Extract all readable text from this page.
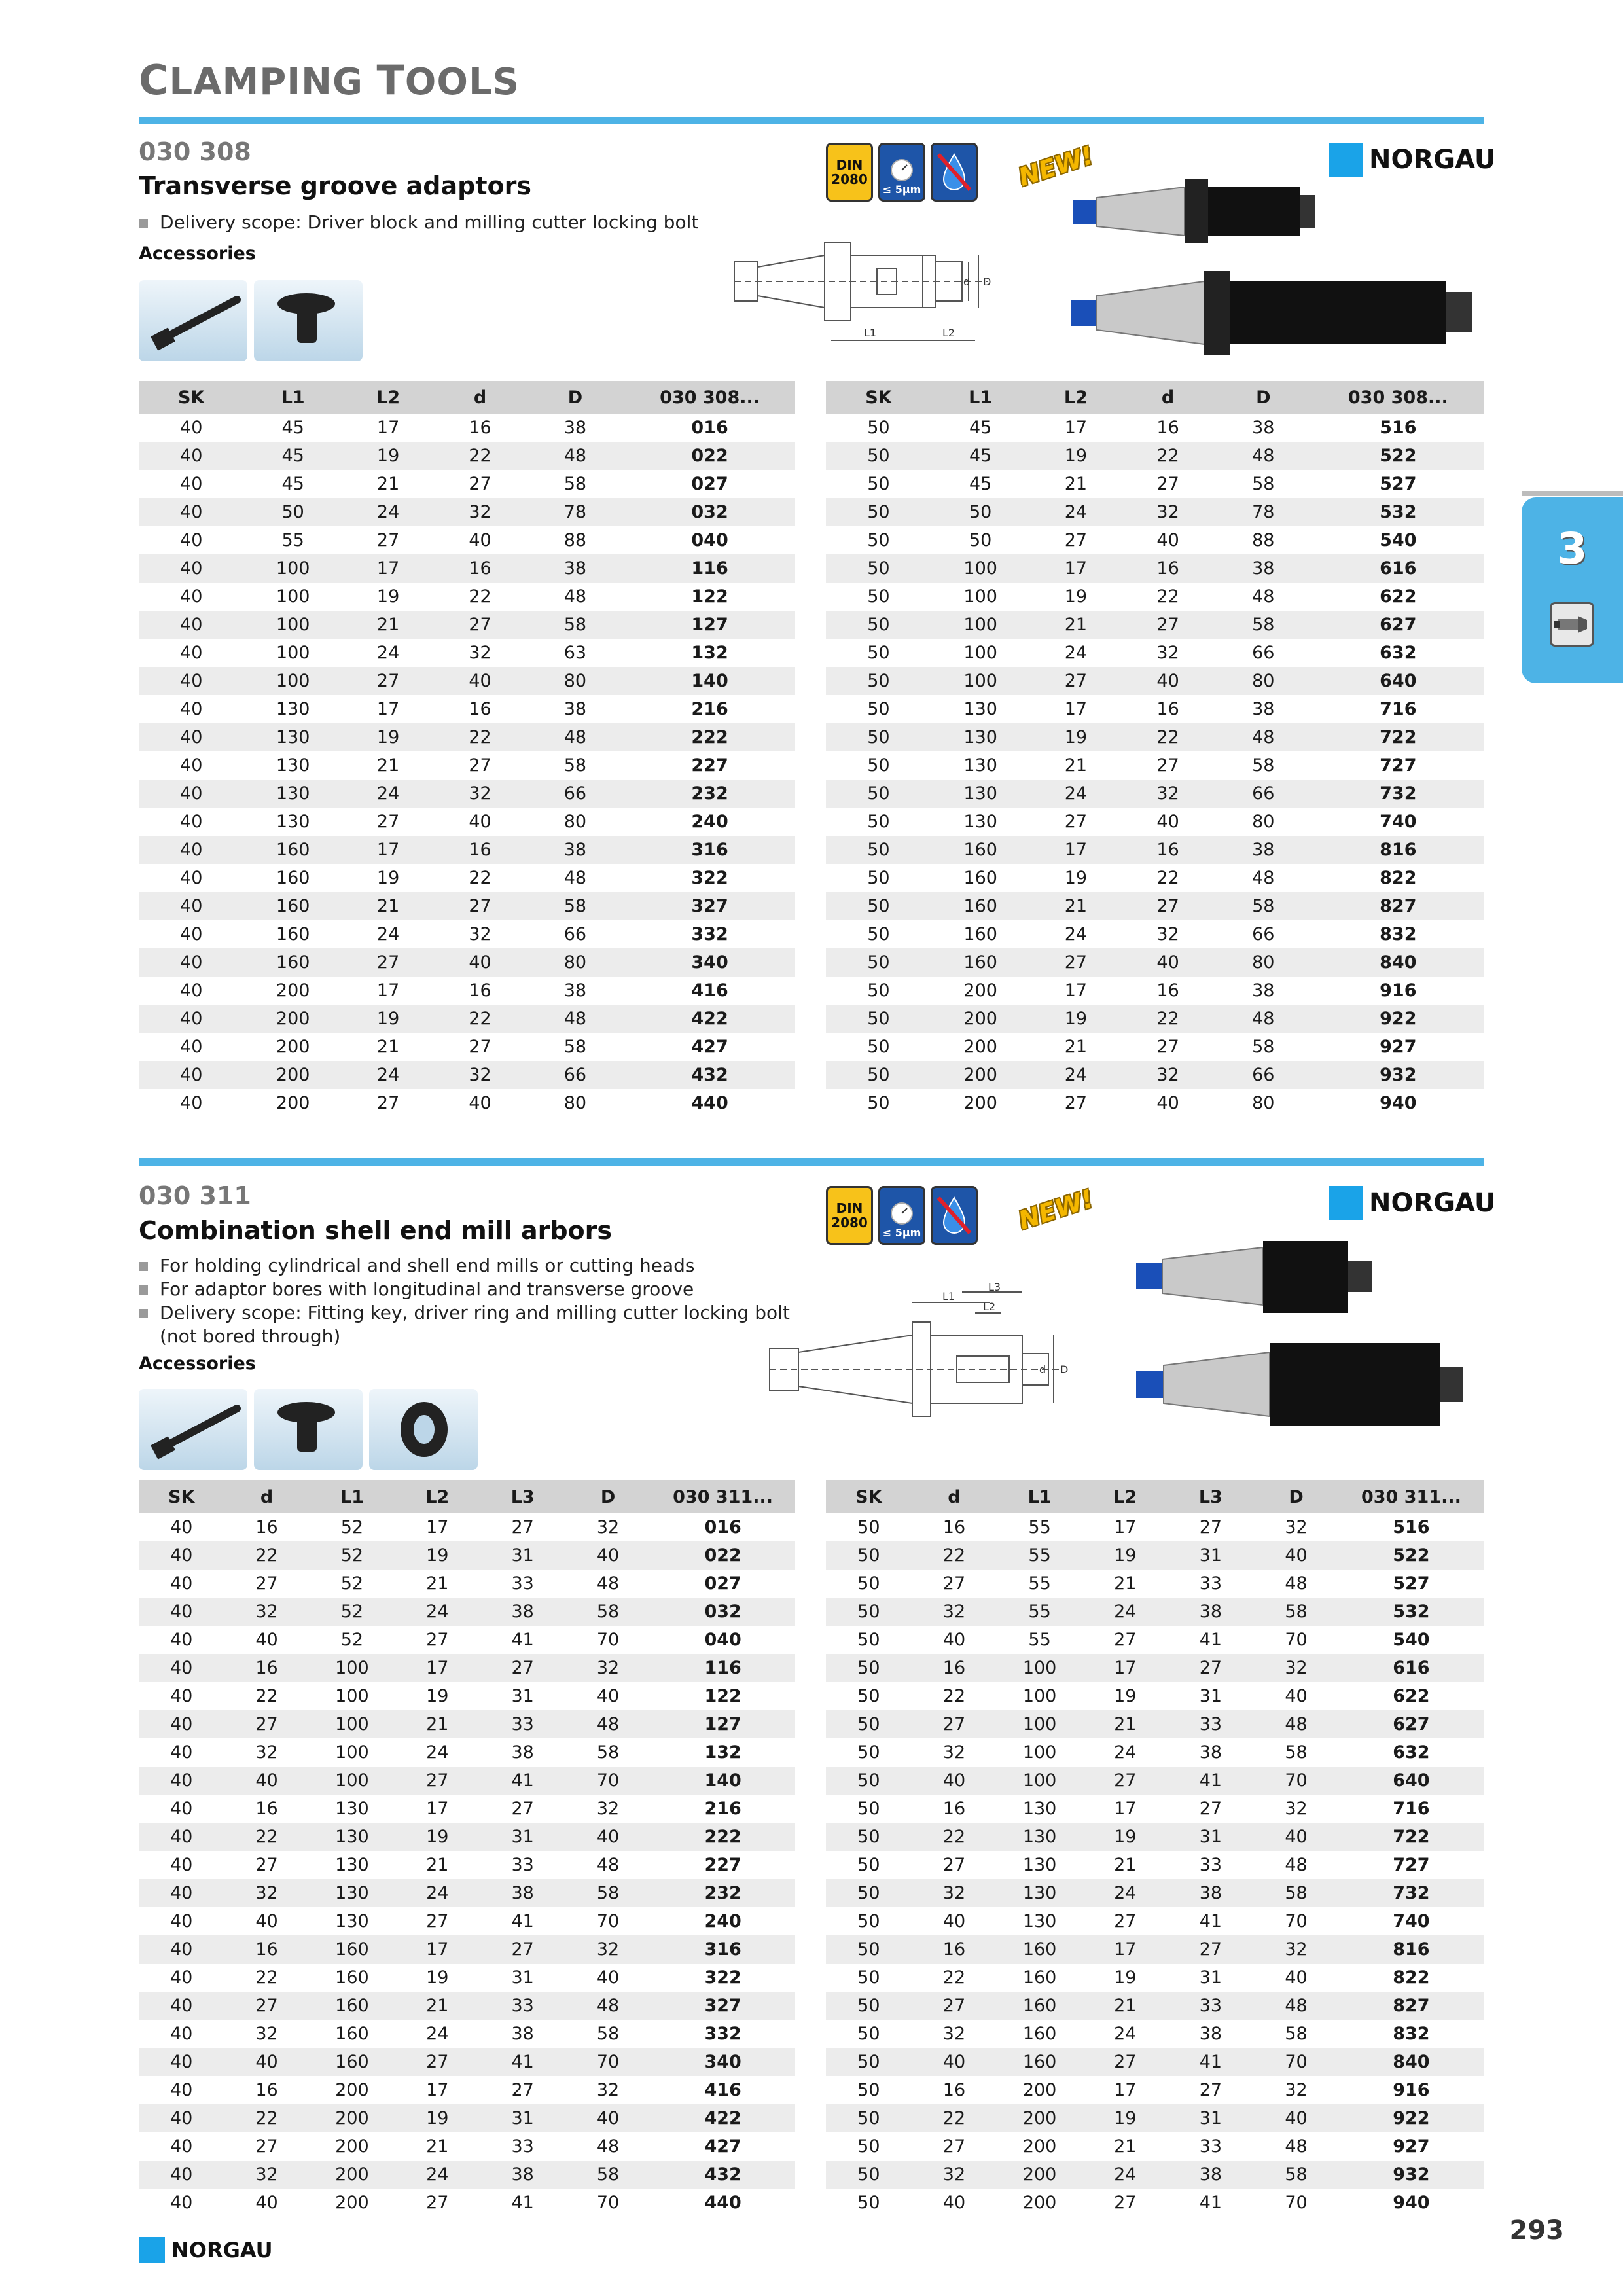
CLAMPING TOOLS
3
030 308
Transverse groove adaptors
Delivery scope: Driver block and milling cutter locking bolt
Accessories
DIN
2080
≤ 5µm	NEW!	NORGAU
L1	L2
d D
SK	L1	L2	d	D	030 308...
40	45	17	16	38	016
40	45	19	22	48	022
40	45	21	27	58	027
40	50	24	32	78	032
40	55	27	40	88	040
40	100	17	16	38	116
40	100	19	22	48	122
40	100	21	27	58	127
40	100	24	32	63	132
40	100	27	40	80	140
40	130	17	16	38	216
40	130	19	22	48	222
40	130	21	27	58	227
40	130	24	32	66	232
40	130	27	40	80	240
40	160	17	16	38	316
40	160	19	22	48	322
40	160	21	27	58	327
40	160	24	32	66	332
40	160	27	40	80	340
40	200	17	16	38	416
40	200	19	22	48	422
40	200	21	27	58	427
40	200	24	32	66	432
40	200	27	40	80	440
SK	L1	L2	d	D	030 308...
50	45	17	16	38	516
50	45	19	22	48	522
50	45	21	27	58	527
50	50	24	32	78	532
50	50	27	40	88	540
50	100	17	16	38	616
50	100	19	22	48	622
50	100	21	27	58	627
50	100	24	32	66	632
50	100	27	40	80	640
50	130	17	16	38	716
50	130	19	22	48	722
50	130	21	27	58	727
50	130	24	32	66	732
50	130	27	40	80	740
50	160	17	16	38	816
50	160	19	22	48	822
50	160	21	27	58	827
50	160	24	32	66	832
50	160	27	40	80	840
50	200	17	16	38	916
50	200	19	22	48	922
50	200	21	27	58	927
50	200	24	32	66	932
50	200	27	40	80	940
030 311
Combination shell end mill arbors
For holding cylindrical and shell end mills or cutting heads
For adaptor bores with longitudinal and transverse groove
Delivery scope: Fitting key, driver ring and milling cutter locking bolt
(not bored through)
Accessories
DIN
2080
≤ 5µm	NEW!	NORGAU
L1
L2
L3
d D
SK	d	L1	L2	L3	D	030 311...
40	16	52	17	27	32	016
40	22	52	19	31	40	022
40	27	52	21	33	48	027
40	32	52	24	38	58	032
40	40	52	27	41	70	040
40	16	100	17	27	32	116
40	22	100	19	31	40	122
40	27	100	21	33	48	127
40	32	100	24	38	58	132
40	40	100	27	41	70	140
40	16	130	17	27	32	216
40	22	130	19	31	40	222
40	27	130	21	33	48	227
40	32	130	24	38	58	232
40	40	130	27	41	70	240
40	16	160	17	27	32	316
40	22	160	19	31	40	322
40	27	160	21	33	48	327
40	32	160	24	38	58	332
40	40	160	27	41	70	340
40	16	200	17	27	32	416
40	22	200	19	31	40	422
40	27	200	21	33	48	427
40	32	200	24	38	58	432
40	40	200	27	41	70	440
SK	d	L1	L2	L3	D	030 311...
50	16	55	17	27	32	516
50	22	55	19	31	40	522
50	27	55	21	33	48	527
50	32	55	24	38	58	532
50	40	55	27	41	70	540
50	16	100	17	27	32	616
50	22	100	19	31	40	622
50	27	100	21	33	48	627
50	32	100	24	38	58	632
50	40	100	27	41	70	640
50	16	130	17	27	32	716
50	22	130	19	31	40	722
50	27	130	21	33	48	727
50	32	130	24	38	58	732
50	40	130	27	41	70	740
50	16	160	17	27	32	816
50	22	160	19	31	40	822
50	27	160	21	33	48	827
50	32	160	24	38	58	832
50	40	160	27	41	70	840
50	16	200	17	27	32	916
50	22	200	19	31	40	922
50	27	200	21	33	48	927
50	32	200	24	38	58	932
50	40	200	27	41	70	940
NORGAU
293
